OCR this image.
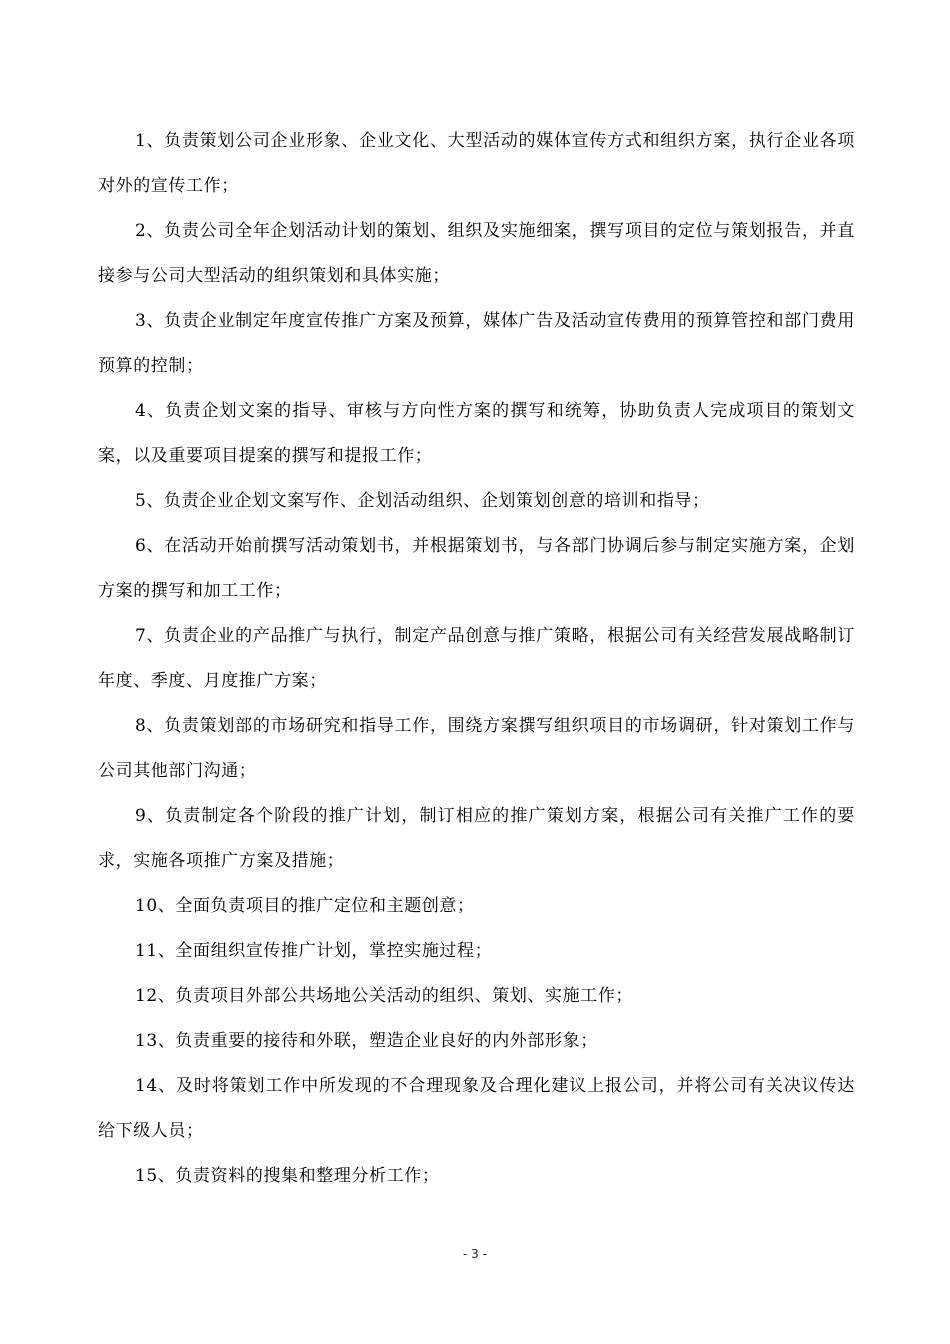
1、负责策划公司企业形象、企业文化、大型活动的媒体宣传方式和组织方案，执行企业各项对外的宣传工作；

2、负责公司全年企划活动计划的策划、组织及实施细案，撰写项目的定位与策划报告，并直接参与公司大型活动的组织策划和具体实施；

3、负责企业制定年度宣传推广方案及预算，媒体广告及活动宣传费用的预算管控和部门费用预算的控制；

4、负责企划文案的指导、审核与方向性方案的撰写和统筹，协助负责人完成项目的策划文案，以及重要项目提案的撰写和提报工作；

5、负责企业企划文案写作、企划活动组织、企划策划创意的培训和指导；

6、在活动开始前撰写活动策划书，并根据策划书，与各部门协调后参与制定实施方案，企划方案的撰写和加工工作；

7、负责企业的产品推广与执行，制定产品创意与推广策略，根据公司有关经营发展战略制订年度、季度、月度推广方案；

8、负责策划部的市场研究和指导工作，围绕方案撰写组织项目的市场调研，针对策划工作与公司其他部门沟通；

9、负责制定各个阶段的推广计划，制订相应的推广策划方案，根据公司有关推广工作的要求，实施各项推广方案及措施；

10、全面负责项目的推广定位和主题创意；

11、全面组织宣传推广计划，掌控实施过程；

12、负责项目外部公共场地公关活动的组织、策划、实施工作；

13、负责重要的接待和外联，塑造企业良好的内外部形象；

14、及时将策划工作中所发现的不合理现象及合理化建议上报公司，并将公司有关决议传达给下级人员；

15、负责资料的搜集和整理分析工作；

- 3 -
